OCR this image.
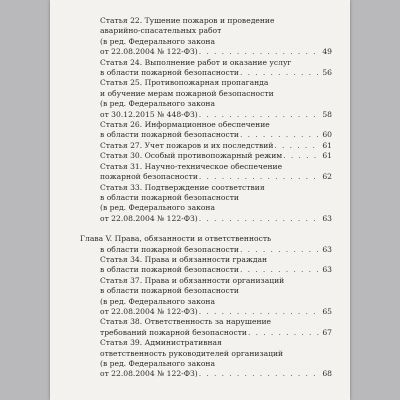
Статья 22. Тушение пожаров и проведение
аварийно-спасательных работ
(в ред. Федерального закона
от 22.08.2004 № 122-ФЗ) . . .	49
Статья 24. Выполнение работ и оказание услуг
в области пожарной безопасности . . .	56
Статья 25. Противопожарная пропаганда
и обучение мерам пожарной безопасности
(в ред. Федерального закона
от 30.12.2015 № 448-ФЗ) . . .	58
Статья 26. Информационное обеспечение
в области пожарной безопасности . . .	60
Статья 27. Учет пожаров и их последствий . . .	61
Статья 30. Особый противопожарный режим . . .	61
Статья 31. Научно-техническое обеспечение
пожарной безопасности . . .	62
Статья 33. Подтверждение соответствия
в области пожарной безопасности
(в ред. Федерального закона
от 22.08.2004 № 122-ФЗ) . . .	63
Глава V. Права, обязанности и ответственность
в области пожарной безопасности . . .	63
Статья 34. Права и обязанности граждан
в области пожарной безопасности . . .	63
Статья 37. Права и обязанности организаций
в области пожарной безопасности
(в ред. Федерального закона
от 22.08.2004 № 122-ФЗ) . . .	65
Статья 38. Ответственность за нарушение
требований пожарной безопасности . . .	67
Статья 39. Административная
ответственность руководителей организаций
(в ред. Федерального закона
от 22.08.2004 № 122-ФЗ) . . .	68
